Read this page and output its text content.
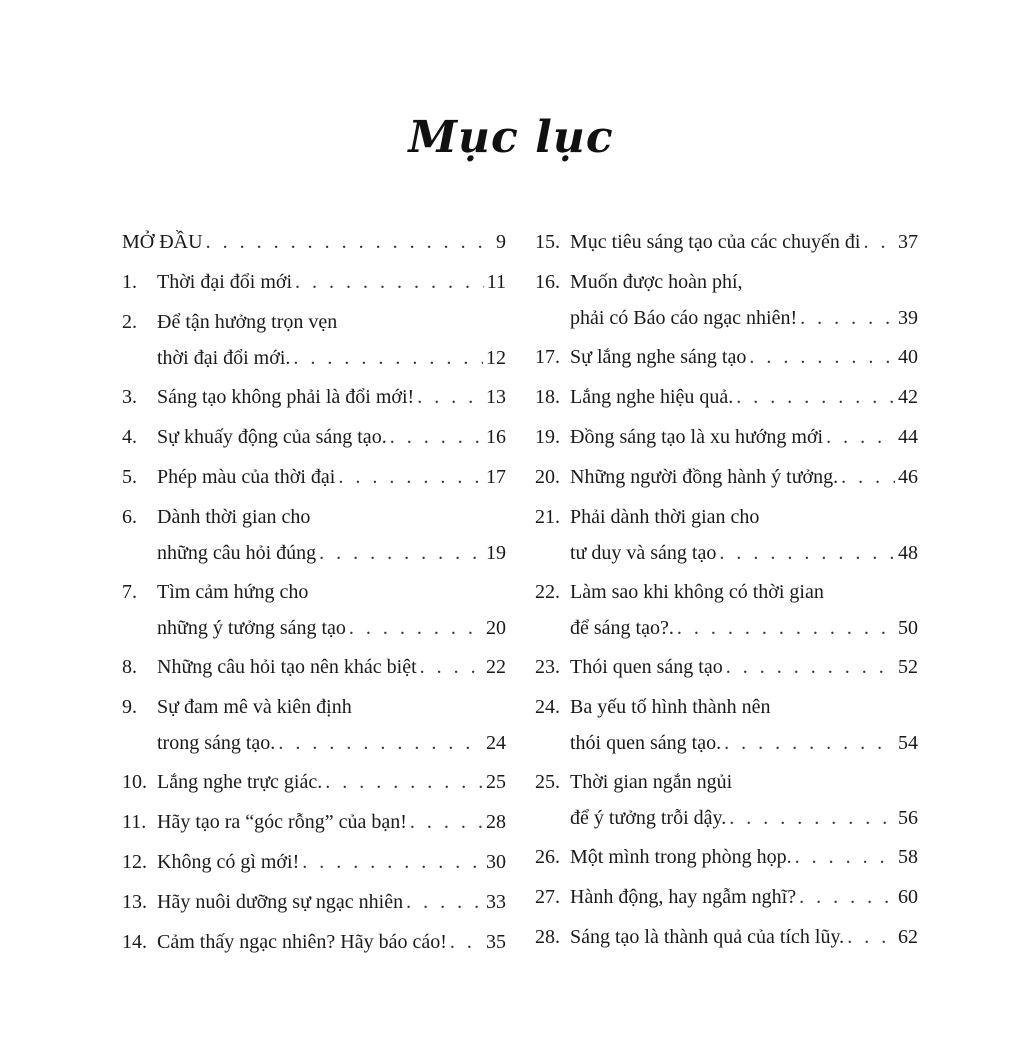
Mục lục
MỞ ĐẦU . . .	9
1.	Thời đại đổi mới . . .	11
2.	Để tận hưởng trọn vẹn
thời đại đổi mới. . . .	12
3.	Sáng tạo không phải là đổi mới! . . .	13
4.	Sự khuấy động của sáng tạo. . . .	16
5.	Phép màu của thời đại . . .	17
6.	Dành thời gian cho
những câu hỏi đúng . . .	19
7.	Tìm cảm hứng cho
những ý tưởng sáng tạo . . .	20
8.	Những câu hỏi tạo nên khác biệt . . .	22
9.	Sự đam mê và kiên định
trong sáng tạo. . . .	24
10. Lắng nghe trực giác. . . .	25
11. Hãy tạo ra “góc rỗng” của bạn! . . .	28
12. Không có gì mới! . . .	30
13. Hãy nuôi dưỡng sự ngạc nhiên . . .	33
14. Cảm thấy ngạc nhiên? Hãy báo cáo! . . . 35
15. Mục tiêu sáng tạo của các chuyến đi . . . 37
16. Muốn được hoàn phí,
phải có Báo cáo ngạc nhiên! . . .	39
17. Sự lắng nghe sáng tạo . . .	40
18. Lắng nghe hiệu quả. . . .	42
19. Đồng sáng tạo là xu hướng mới . . .	44
20. Những người đồng hành ý tưởng. . . .	46
21. Phải dành thời gian cho
tư duy và sáng tạo . . .	48
22. Làm sao khi không có thời gian
để sáng tạo?. . . .	50
23. Thói quen sáng tạo . . .	52
24. Ba yếu tố hình thành nên
thói quen sáng tạo. . . .	54
25. Thời gian ngắn ngủi
để ý tưởng trỗi dậy. . . .	56
26. Một mình trong phòng họp. . . .	58
27. Hành động, hay ngẫm nghĩ? . . .	60
28. Sáng tạo là thành quả của tích lũy. . . .	62
